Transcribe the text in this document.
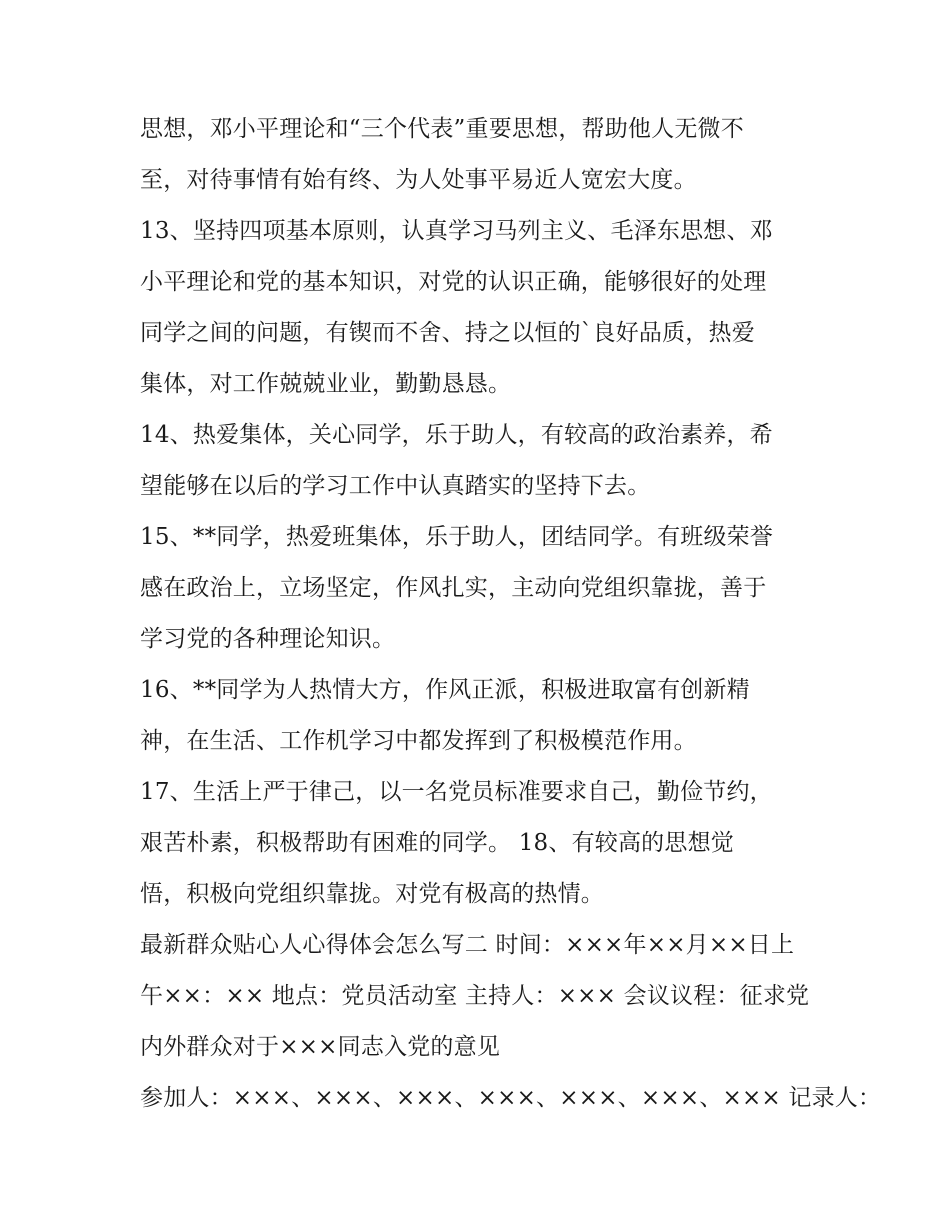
思想，邓小平理论和“三个代表”重要思想，帮助他人无微不
至，对待事情有始有终、为人处事平易近人宽宏大度。
13、坚持四项基本原则，认真学习马列主义、毛泽东思想、邓
小平理论和党的基本知识，对党的认识正确，能够很好的处理
同学之间的问题，有锲而不舍、持之以恒的`良好品质，热爱
集体，对工作兢兢业业，勤勤恳恳。
14、热爱集体，关心同学，乐于助人，有较高的政治素养，希
望能够在以后的学习工作中认真踏实的坚持下去。
15、**同学，热爱班集体，乐于助人，团结同学。有班级荣誉
感在政治上，立场坚定，作风扎实，主动向党组织靠拢，善于
学习党的各种理论知识。
16、**同学为人热情大方，作风正派，积极进取富有创新精
神，在生活、工作机学习中都发挥到了积极模范作用。
17、生活上严于律己，以一名党员标准要求自己，勤俭节约，
艰苦朴素，积极帮助有困难的同学。 18、有较高的思想觉
悟，积极向党组织靠拢。对党有极高的热情。
最新群众贴心人心得体会怎么写二 时间：×××年××月××日上
午××：×× 地点：党员活动室 主持人：××× 会议议程：征求党
内外群众对于×××同志入党的意见
参加人：×××、×××、×××、×××、×××、×××、××× 记录人：
